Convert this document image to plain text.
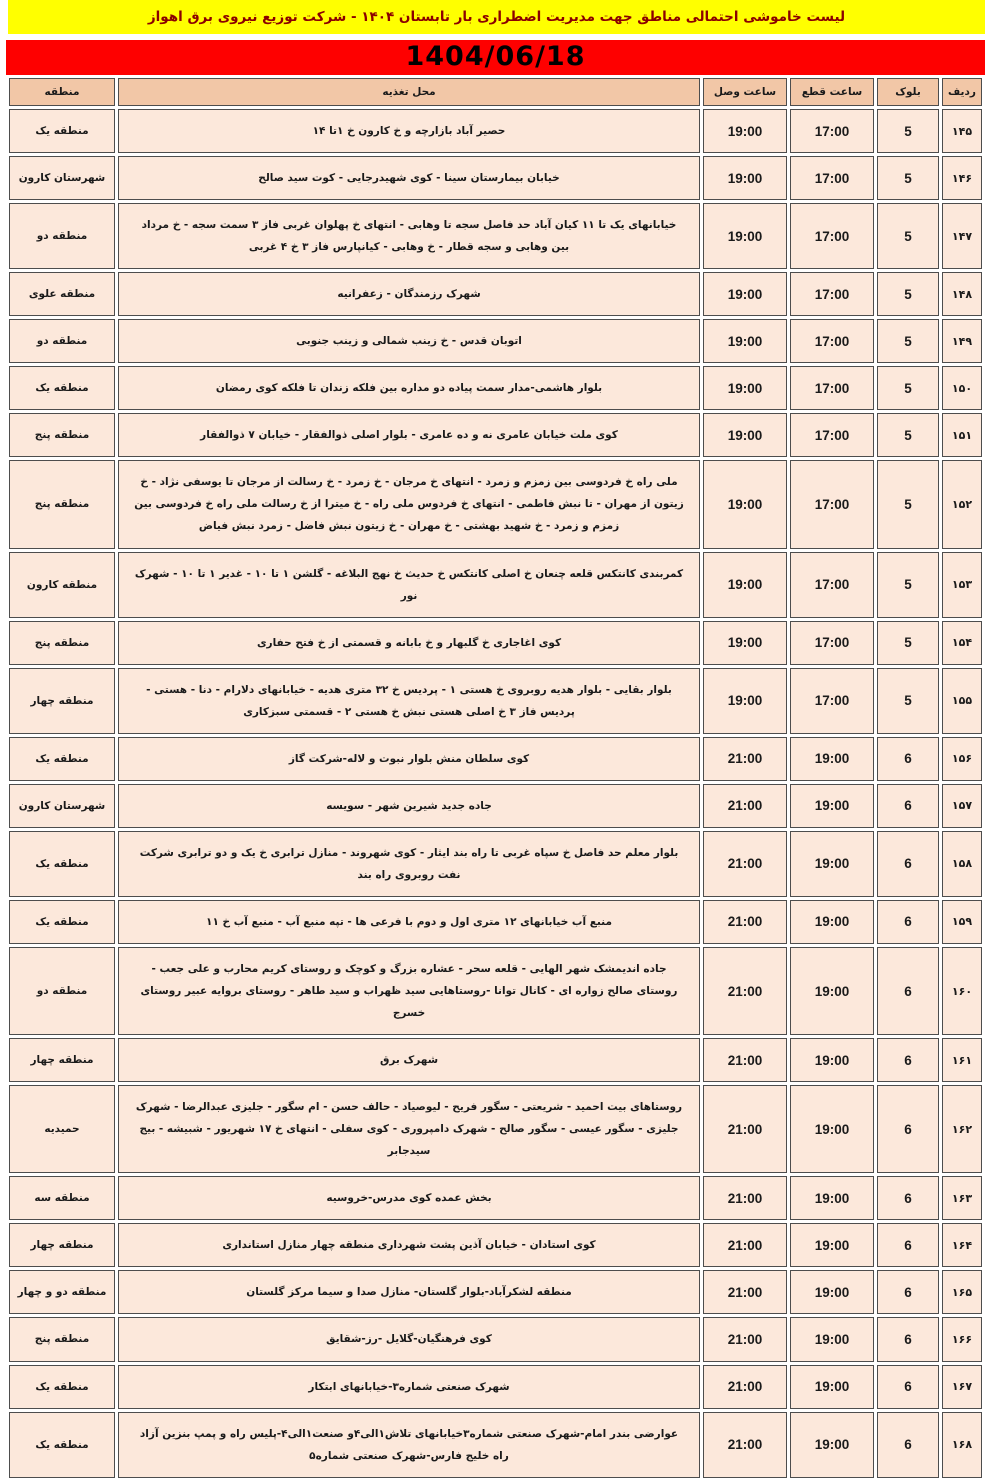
لیست خاموشی احتمالی مناطق جهت مدیریت اضطراری بار تابستان ۱۴۰۴ - شرکت توزیع نیروی برق اهواز
1404/06/18
ردیف	بلوک	ساعت قطع	ساعت وصل	محل تغذیه	منطقه
۱۴۵	5	17:00	19:00	حصیر آباد بازارچه و خ کارون خ ۱تا ۱۴	منطقه یک
۱۴۶	5	17:00	19:00	خیابان بیمارستان سینا - کوی شهیدرجایی - کوت سید صالح	شهرستان کارون
۱۴۷	5	17:00	19:00	خیابانهای یک تا ۱۱ کیان آباد حد فاصل سجه تا وهابی - انتهای خ پهلوان غربی فاز ۳ سمت سجه - خ مرداد بین وهابی و سجه قطار - خ وهابی - کیانپارس فاز ۳ خ ۴ غربی	منطقه دو
۱۴۸	5	17:00	19:00	شهرک رزمندگان - زعفرانیه	منطقه علوی
۱۴۹	5	17:00	19:00	اتوبان قدس - خ زینب شمالی و زینب جنوبی	منطقه دو
۱۵۰	5	17:00	19:00	بلوار هاشمی-مدار سمت پیاده دو مداره بین فلکه زندان تا فلکه کوی رمضان	منطقه یک
۱۵۱	5	17:00	19:00	کوی ملت خیابان عامری نه و ده عامری - بلوار اصلی ذوالفقار - خیابان ۷ ذوالفقار	منطقه پنج
۱۵۲	5	17:00	19:00	ملی راه خ فردوسی بین زمزم و زمرد - انتهای خ مرجان - خ زمرد - خ رسالت از مرجان تا یوسفی نژاد - خ زیتون از مهران - تا نبش فاطمی - انتهای خ فردوس ملی راه - خ میترا از خ رسالت ملی راه خ فردوسی بین زمزم و زمرد - خ شهید بهشتی - خ مهران - خ زیتون نبش فاضل - زمرد نبش فیاض	منطقه پنج
۱۵۳	5	17:00	19:00	کمربندی کانتکس قلعه چنعان خ اصلی کانتکس خ حدیث خ نهج البلاغه - گلشن ۱ تا ۱۰ - غدیر ۱ تا ۱۰ - شهرک نور	منطقه کارون
۱۵۴	5	17:00	19:00	کوی اغاجاری خ گلبهار و خ بابانه و قسمتی از خ فتح حفاری	منطقه پنج
۱۵۵	5	17:00	19:00	بلوار بقایی - بلوار هدیه روبروی خ هستی ۱ - پردیس خ ۳۲ متری هدیه - خیابانهای دلارام - دنا - هستی - پردیس فاز ۳ خ اصلی هستی نبش خ هستی ۲ - قسمتی سبزکاری	منطقه چهار
۱۵۶	6	19:00	21:00	کوی سلطان منش بلوار نبوت و لاله-شرکت گاز	منطقه یک
۱۵۷	6	19:00	21:00	جاده جدید شیرین شهر - سویسه	شهرستان کارون
۱۵۸	6	19:00	21:00	بلوار معلم حد فاصل خ سپاه غربی تا راه بند ایثار - کوی شهروند - منازل ترابری خ یک و دو ترابری شرکت نفت روبروی راه بند	منطقه یک
۱۵۹	6	19:00	21:00	منبع آب خیابانهای ۱۲ متری اول و دوم با فرعی ها - تپه منبع آب - منبع آب خ ۱۱	منطقه یک
۱۶۰	6	19:00	21:00	جاده اندیمشک شهر الهایی - قلعه سحر - عشاره بزرگ و کوچک و روستای کریم محارب و علی جعب - روستای صالح زواره ای - کانال توانا -روستاهایی سید ظهراب و سید طاهر - روستای بروایه عبیر روستای خسرج	منطقه دو
۱۶۱	6	19:00	21:00	شهرک برق	منطقه چهار
۱۶۲	6	19:00	21:00	روستاهای بیت احمید - شریعتی - سگور فریح - لیوصیاد - حالف حسن - ام سگور - جلیزی عبدالرضا - شهرک جلیزی - سگور عیسی - سگور صالح - شهرک دامپروری - کوی سفلی - انتهای خ ۱۷ شهریور - شبیشه - بیج سیدجابر	حمیدیه
۱۶۳	6	19:00	21:00	بخش عمده کوی مدرس-خروسیه	منطقه سه
۱۶۴	6	19:00	21:00	کوی استادان - خیابان آذین پشت شهرداری منطقه چهار منازل استانداری	منطقه چهار
۱۶۵	6	19:00	21:00	منطقه لشکرآباد-بلوار گلستان- منازل صدا و سیما مرکز گلستان	منطقه دو و چهار
۱۶۶	6	19:00	21:00	کوی فرهنگیان-گلایل -رز-شقایق	منطقه پنج
۱۶۷	6	19:00	21:00	شهرک صنعتی شماره۳-خیابانهای ابتکار	منطقه یک
۱۶۸	6	19:00	21:00	عوارضی بندر امام-شهرک صنعتی شماره۳خیابانهای تلاش۱الی۴و صنعت۱الی۴-پلیس راه و پمپ بنزین آزاد راه خلیج فارس-شهرک صنعتی شماره۵	منطقه یک
